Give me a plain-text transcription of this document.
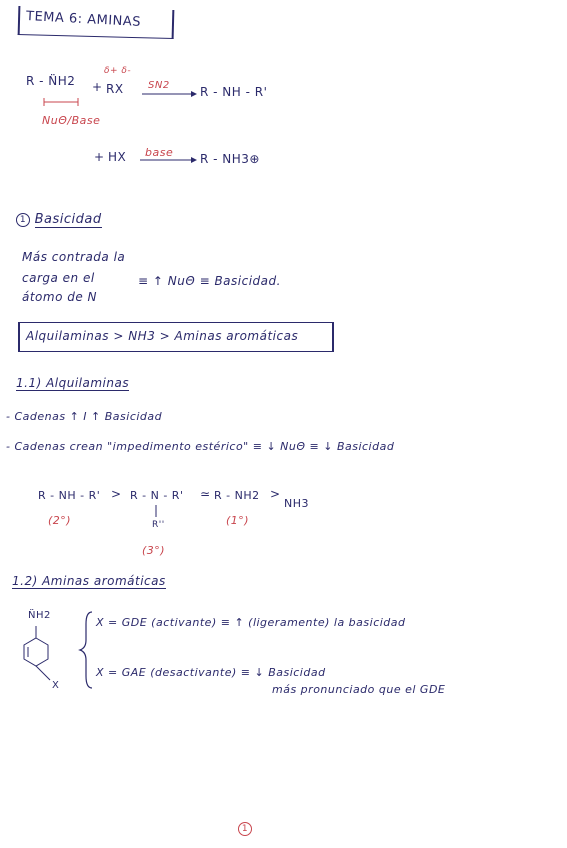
TEMA 6: AMINAS
R - N̈H2 +
δ+ δ-
RX SN2	R - NH - R'
NuΘ/Base
+ HX base R - NH3⊕
1 Basicidad
Más contrada la
carga en el
átomo de N
≡ ↑ NuΘ ≡ Basicidad.
Alquilaminas > NH3 > Aminas aromáticas
1.1) Alquilaminas
- Cadenas ↑ I ↑ Basicidad
- Cadenas crean "impedimento estérico" ≡ ↓ NuΘ ≡ ↓ Basicidad
R - NH - R' > R - N - R'
R''
≃ R - NH2 >
NH3
(2°)
(3°)
(1°)
1.2) Aminas aromáticas
N̈H2
X
X = GDE (activante) ≡ ↑ (ligeramente) la basicidad
X = GAE (desactivante) ≡ ↓ Basicidad
más pronunciado que el GDE
1
